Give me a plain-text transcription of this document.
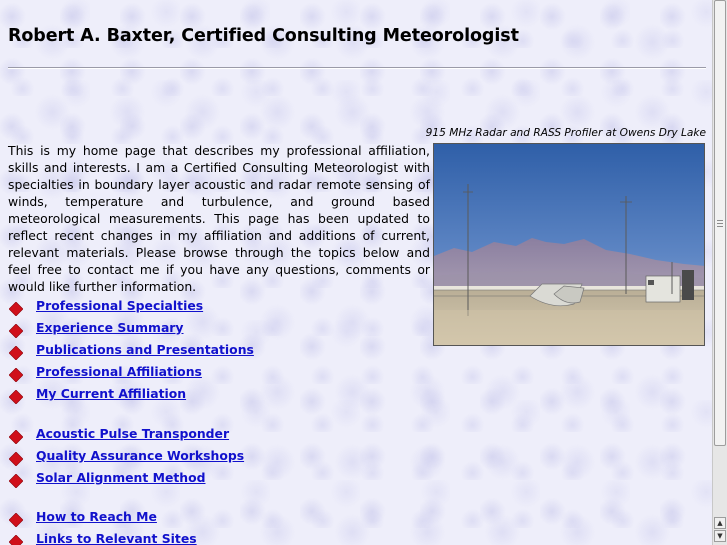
Robert A. Baxter, Certified Consulting Meteorologist
915 MHz Radar and RASS Profiler at Owens Dry Lake

This is my home page that describes my professional affiliation, skills and interests. I am a Certified Consulting Meteorologist with specialties in boundary layer acoustic and radar remote sensing of winds, temperature and turbulence, and ground based meteorological measurements. This page has been updated to reflect recent changes in my affiliation and additions of current, relevant materials. Please browse through the topics below and feel free to contact me if you have any questions, comments or would like further information.

Professional Specialties
Experience Summary
Publications and Presentations
Professional Affiliations
My Current Affiliation
Acoustic Pulse Transponder
Quality Assurance Workshops
Solar Alignment Method
How to Reach Me
Links to Relevant Sites
▲
▼
